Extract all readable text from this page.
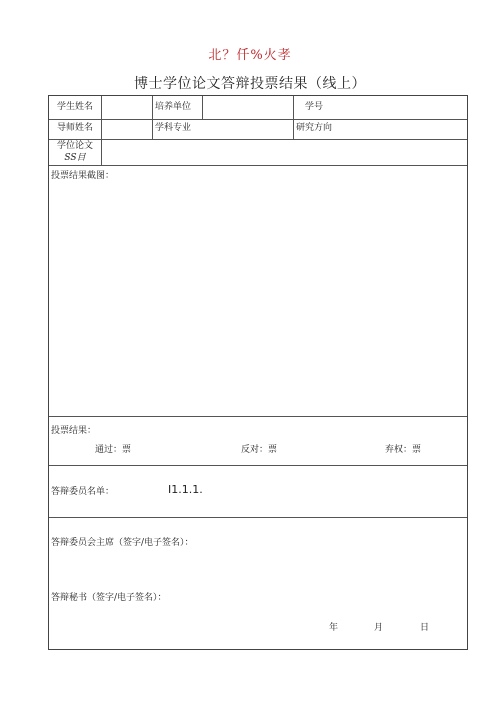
北？仟%火孝
博士学位论文答辩投票结果（线上）
学生姓名	培养单位	学号
导师姓名	学科专业	研究方向
学位论文
SS目
投票结果截图：
投票结果：
通过：票	反对：票	弃权：票
答辩委员名单：	I1.1.1.
答辩委员会主席（签字/电子签名）：
答辩秘书（签字/电子签名）：
年	月	日
